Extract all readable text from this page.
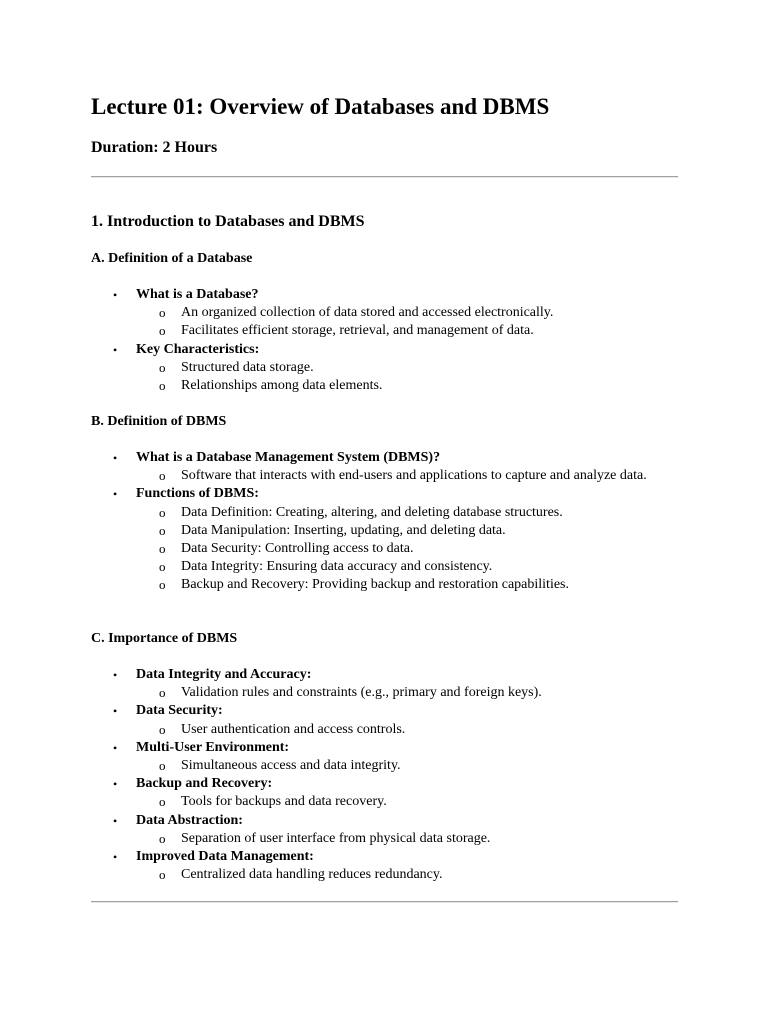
Lecture 01: Overview of Databases and DBMS
Duration: 2 Hours
1. Introduction to Databases and DBMS
A. Definition of a Database
• What is a Database?
o An organized collection of data stored and accessed electronically.
o Facilitates efficient storage, retrieval, and management of data.
• Key Characteristics:
o Structured data storage.
o Relationships among data elements.
B. Definition of DBMS
• What is a Database Management System (DBMS)?
o Software that interacts with end-users and applications to capture and analyze data.
• Functions of DBMS:
o Data Definition: Creating, altering, and deleting database structures.
o Data Manipulation: Inserting, updating, and deleting data.
o Data Security: Controlling access to data.
o Data Integrity: Ensuring data accuracy and consistency.
o Backup and Recovery: Providing backup and restoration capabilities.
C. Importance of DBMS
• Data Integrity and Accuracy:
o Validation rules and constraints (e.g., primary and foreign keys).
• Data Security:
o User authentication and access controls.
• Multi-User Environment:
o Simultaneous access and data integrity.
• Backup and Recovery:
o Tools for backups and data recovery.
• Data Abstraction:
o Separation of user interface from physical data storage.
• Improved Data Management:
o Centralized data handling reduces redundancy.
